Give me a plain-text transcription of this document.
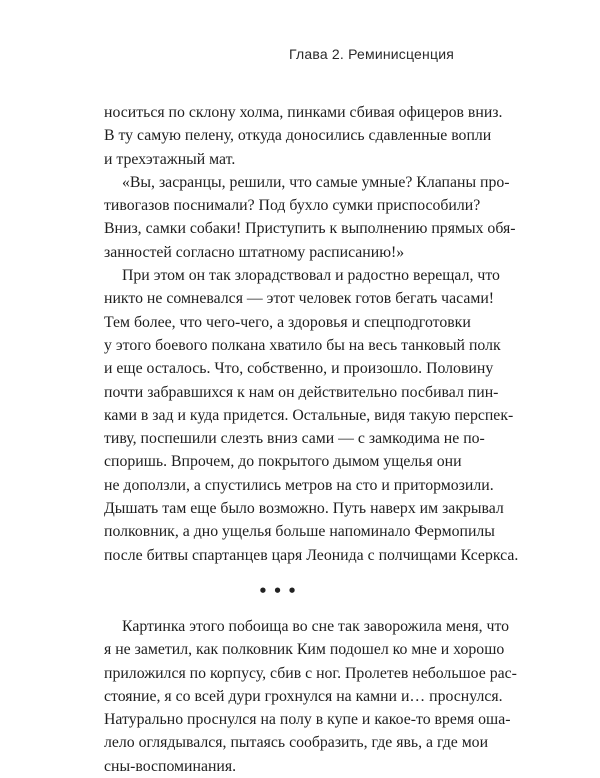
Глава 2. Реминисценция
носиться по склону холма, пинками сбивая офицеров вниз.
В ту самую пелену, откуда доносились сдавленные вопли
и трехэтажный мат.
«Вы, засранцы, решили, что самые умные? Клапаны про-
тивогазов поснимали? Под бухло сумки приспособили?
Вниз, самки собаки! Приступить к выполнению прямых обя-
занностей согласно штатному расписанию!»
При этом он так злорадствовал и радостно верещал, что
никто не сомневался — этот человек готов бегать часами!
Тем более, что чего-чего, а здоровья и спецподготовки
у этого боевого полкана хватило бы на весь танковый полк
и еще осталось. Что, собственно, и произошло. Половину
почти забравшихся к нам он действительно посбивал пин-
ками в зад и куда придется. Остальные, видя такую перспек-
тиву, поспешили слезть вниз сами — с замкодима не по-
споришь. Впрочем, до покрытого дымом ущелья они
не доползли, а спустились метров на сто и притормозили.
Дышать там еще было возможно. Путь наверх им закрывал
полковник, а дно ущелья больше напоминало Фермопилы
после битвы спартанцев царя Леонида с полчищами Ксеркса.
•••
Картинка этого побоища во сне так заворожила меня, что
я не заметил, как полковник Ким подошел ко мне и хорошо
приложился по корпусу, сбив с ног. Пролетев небольшое рас-
стояние, я со всей дури грохнулся на камни и… проснулся.
Натурально проснулся на полу в купе и какое-то время оша-
лело оглядывался, пытаясь сообразить, где явь, а где мои
сны-воспоминания.
